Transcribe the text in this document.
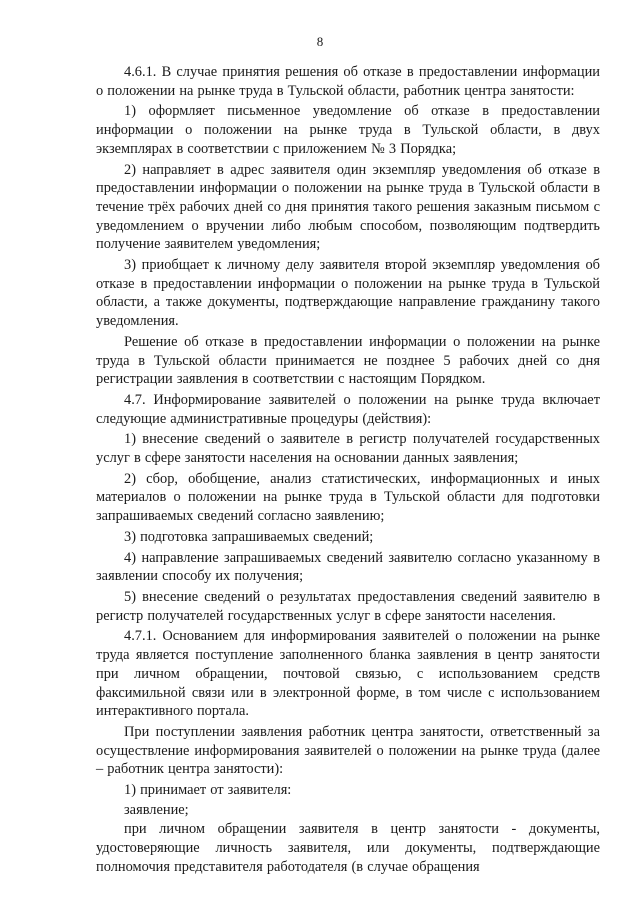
8

4.6.1. В случае принятия решения об отказе в предоставлении информации о положении на рынке труда в Тульской области, работник центра занятости:

1) оформляет письменное уведомление об отказе в предоставлении информации о положении на рынке труда в Тульской области, в двух экземплярах в соответствии с приложением № 3 Порядка;

2) направляет в адрес заявителя один экземпляр уведомления об отказе в предоставлении информации о положении на рынке труда в Тульской области в течение трёх рабочих дней со дня принятия такого решения заказным письмом с уведомлением о вручении либо любым способом, позволяющим подтвердить получение заявителем уведомления;

3) приобщает к личному делу заявителя второй экземпляр уведомления об отказе в предоставлении информации о положении на рынке труда в Тульской области, а также документы, подтверждающие направление гражданину такого уведомления.

Решение об отказе в предоставлении информации о положении на рынке труда в Тульской области принимается не позднее 5 рабочих дней со дня регистрации заявления в соответствии с настоящим Порядком.

4.7. Информирование заявителей о положении на рынке труда включает следующие административные процедуры (действия):

1) внесение сведений о заявителе в регистр получателей государственных услуг в сфере занятости населения на основании данных заявления;

2) сбор, обобщение, анализ статистических, информационных и иных материалов о положении на рынке труда в Тульской области для подготовки запрашиваемых сведений согласно заявлению;

3) подготовка запрашиваемых сведений;

4) направление запрашиваемых сведений заявителю согласно указанному в заявлении способу их получения;

5) внесение сведений о результатах предоставления сведений заявителю в регистр получателей государственных услуг в сфере занятости населения.

4.7.1. Основанием для информирования заявителей о положении на рынке труда является поступление заполненного бланка заявления в центр занятости при личном обращении, почтовой связью, с использованием средств факсимильной связи или в электронной форме, в том числе с использованием интерактивного портала.

При поступлении заявления работник центра занятости, ответственный за осуществление информирования заявителей о положении на рынке труда (далее – работник центра занятости):

1) принимает от заявителя:

заявление;

при личном обращении заявителя в центр занятости - документы, удостоверяющие личность заявителя, или документы, подтверждающие полномочия представителя работодателя (в случае обращения
